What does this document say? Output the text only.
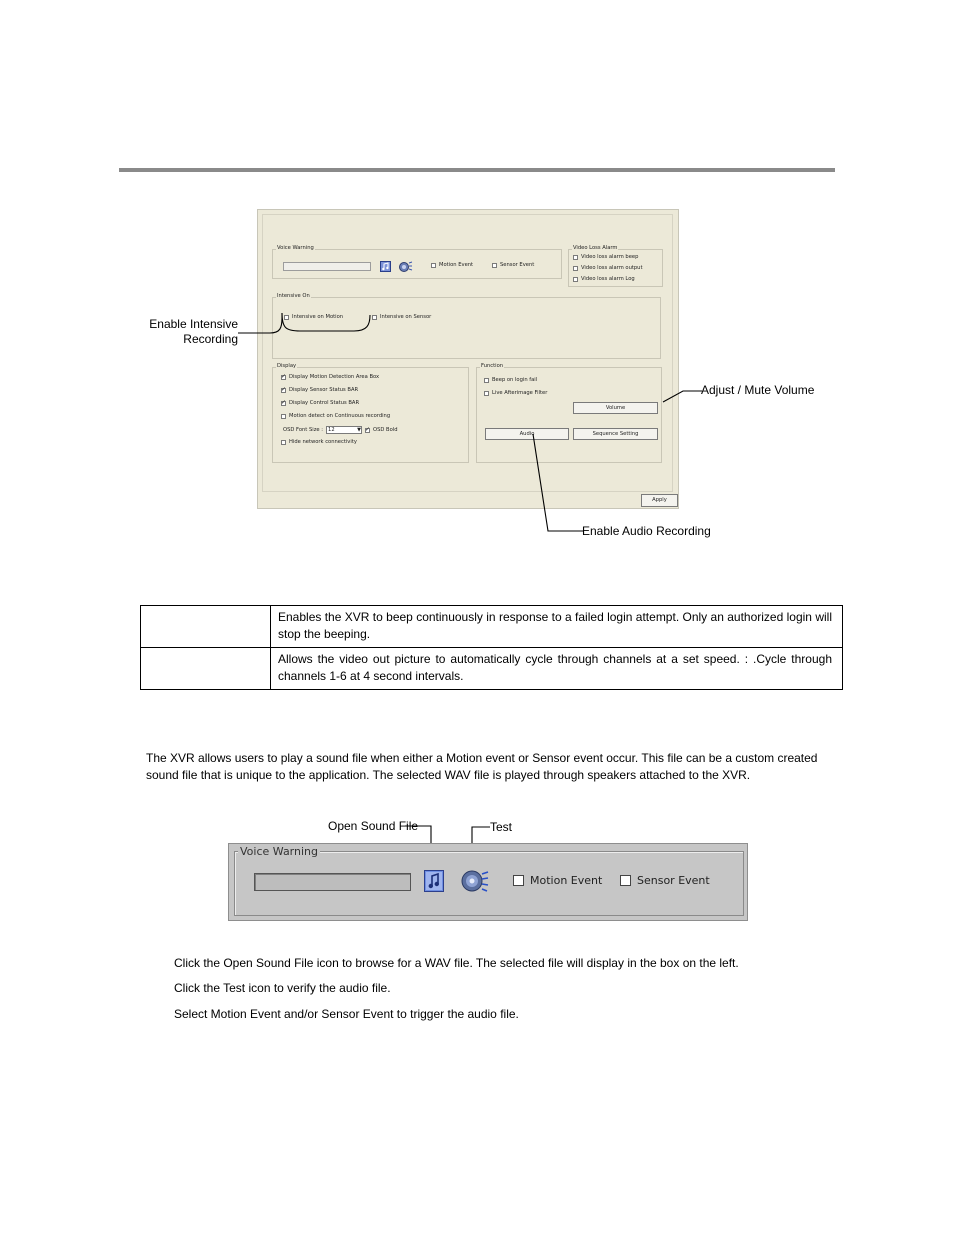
Voice Warning
Motion Event	Sensor Event
Video Loss Alarm
Video loss alarm beep
Video loss alarm output
Video loss alarm Log
Intensive On
Intensive on Motion	Intensive on Sensor
Display
✓
Display Motion Detection Area Box
✓
Display Sensor Status BAR
✓
Display Control Status BAR
Motion detect on Continuous recording
OSD Font Size : 12	▼
✓ OSD Bold
Hide network connectivity
Function
Beep on login fail
Live Afterimage Filter
Volume
Audio	Sequence Setting
Apply
Enable Intensive
Recording
Adjust / Mute Volume
Enable Audio Recording
	Enables the XVR to beep continuously in response to a failed login attempt. Only an authorized login will stop the beeping.
	Allows the video out picture to automatically cycle through channels at a set speed. : .Cycle through channels 1-6 at 4 second intervals.

The XVR allows users to play a sound file when either a Motion event or Sensor event occur. This file can be a custom created sound file that is unique to the application. The selected WAV file is played through speakers attached to the XVR.

Open Sound File	Test
Voice Warning
Motion Event	Sensor Event
Click the Open Sound File icon to browse for a WAV file. The selected file will display in the box on the left.
Click the Test icon to verify the audio file.
Select Motion Event and/or Sensor Event to trigger the audio file.
